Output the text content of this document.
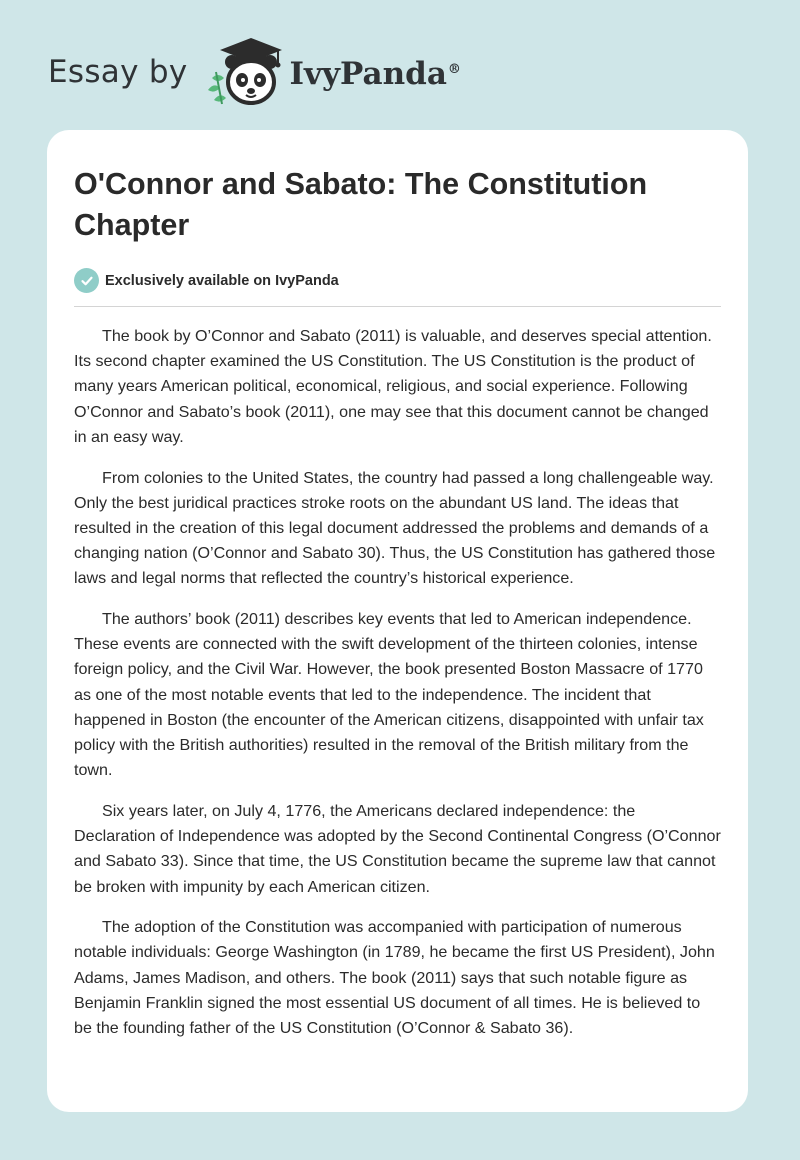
Essay by	IvyPanda®
O'Connor and Sabato: The Constitution Chapter
Exclusively available on IvyPanda

The book by O’Connor and Sabato (2011) is valuable, and deserves special attention. Its second chapter examined the US Constitution. The US Constitution is the product of many years American political, economical, religious, and social experience. Following O’Connor and Sabato’s book (2011), one may see that this document cannot be changed in an easy way.

From colonies to the United States, the country had passed a long challengeable way. Only the best juridical practices stroke roots on the abundant US land. The ideas that resulted in the creation of this legal document addressed the problems and demands of a changing nation (O’Connor and Sabato 30). Thus, the US Constitution has gathered those laws and legal norms that reflected the country’s historical experience.

The authors’ book (2011) describes key events that led to American independence. These events are connected with the swift development of the thirteen colonies, intense foreign policy, and the Civil War. However, the book presented Boston Massacre of 1770 as one of the most notable events that led to the independence. The incident that happened in Boston (the encounter of the American citizens, disappointed with unfair tax policy with the British authorities) resulted in the removal of the British military from the town.

Six years later, on July 4, 1776, the Americans declared independence: the Declaration of Independence was adopted by the Second Continental Congress (O’Connor and Sabato 33). Since that time, the US Constitution became the supreme law that cannot be broken with impunity by each American citizen.

The adoption of the Constitution was accompanied with participation of numerous notable individuals: George Washington (in 1789, he became the first US President), John Adams, James Madison, and others. The book (2011) says that such notable figure as Benjamin Franklin signed the most essential US document of all times. He is believed to be the founding father of the US Constitution (O’Connor & Sabato 36).
